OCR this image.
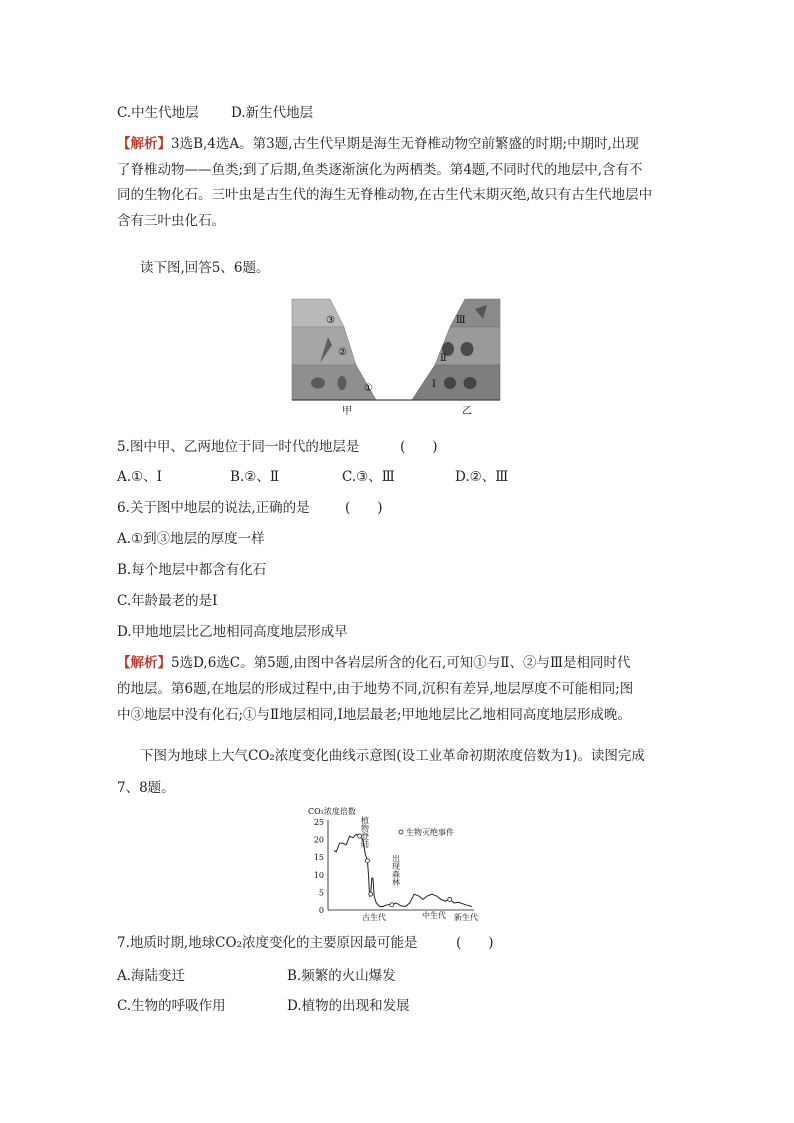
C.中生代地层 D.新生代地层
【解析】3选B,4选A。第3题,古生代早期是海生无脊椎动物空前繁盛的时期;中期时,出现
了脊椎动物——鱼类;到了后期,鱼类逐渐演化为两栖类。第4题,不同时代的地层中,含有不
同的生物化石。三叶虫是古生代的海生无脊椎动物,在古生代末期灭绝,故只有古生代地层中
含有三叶虫化石。
读下图,回答5、6题。
③
②
①
Ⅲ
Ⅱ
Ⅰ
甲	乙
5.图中甲、乙两地位于同一时代的地层是	(　　)
A.①、Ⅰ	B.②、Ⅱ	C.③、Ⅲ	D.②、Ⅲ
6.关于图中地层的说法,正确的是	(　　)
A.①到③地层的厚度一样
B.每个地层中都含有化石
C.年龄最老的是Ⅰ
D.甲地地层比乙地相同高度地层形成早
【解析】5选D,6选C。第5题,由图中各岩层所含的化石,可知①与Ⅱ、②与Ⅲ是相同时代
的地层。第6题,在地层的形成过程中,由于地势不同,沉积有差异,地层厚度不可能相同;图
中③地层中没有化石;①与Ⅱ地层相同,Ⅰ地层最老;甲地地层比乙地相同高度地层形成晚。
下图为地球上大气CO₂浓度变化曲线示意图(设工业革命初期浓度倍数为1)。读图完成
7、8题。
CO₂浓度倍数
0
5
10
15
20
25
生物灭绝事件
古生代	中生代 新生代
植物登陆
出现森林
7.地质时期,地球CO₂浓度变化的主要原因最可能是	(　　)
A.海陆变迁	B.频繁的火山爆发
C.生物的呼吸作用	D.植物的出现和发展
